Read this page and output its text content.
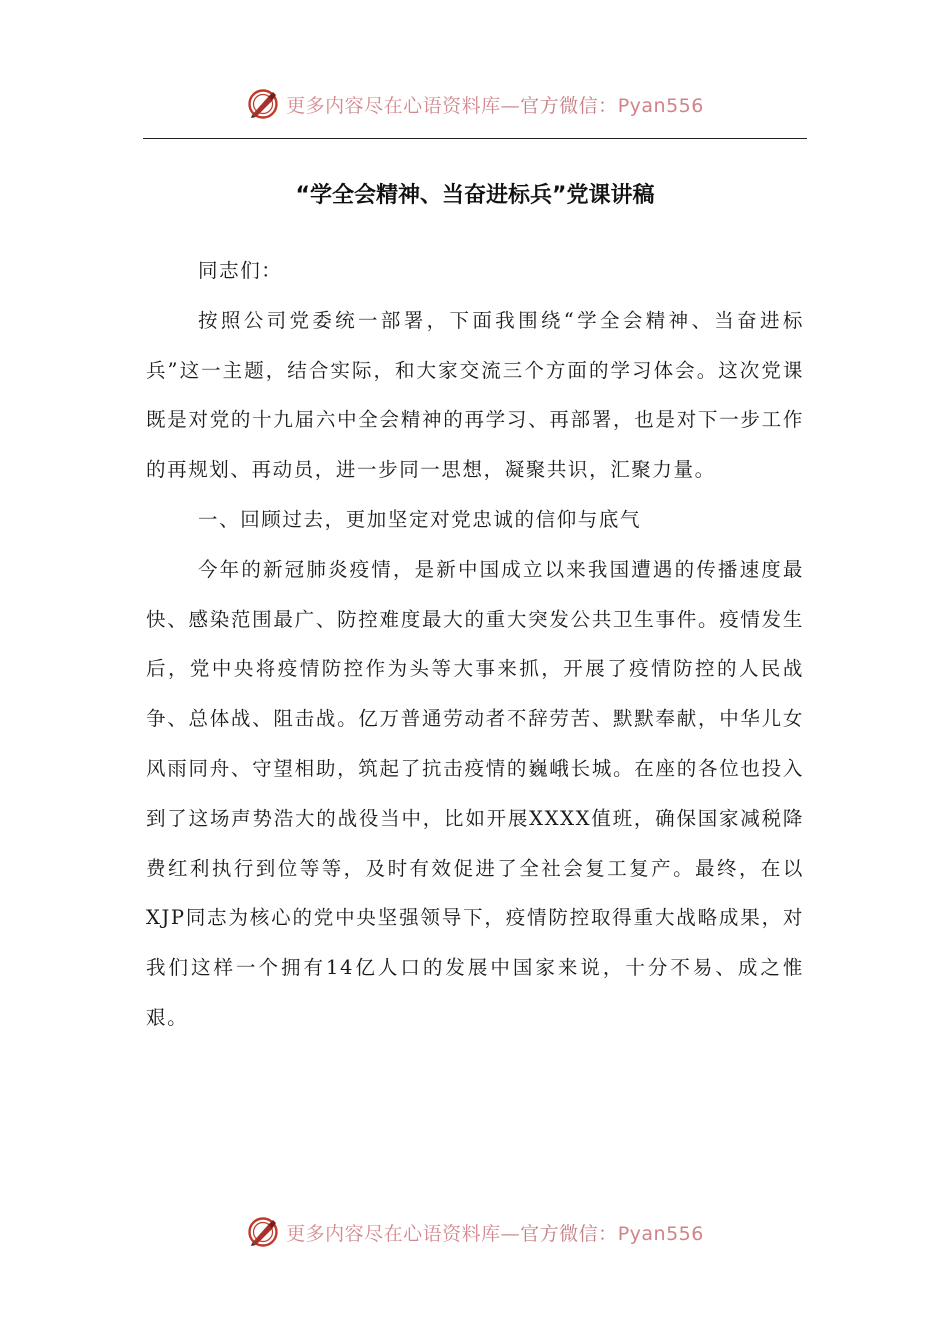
更多内容尽在心语资料库—官方微信：Pyan556
“学全会精神、当奋进标兵”党课讲稿

同志们：

按照公司党委统一部署，下面我围绕“学全会精神、当奋进标兵”这一主题，结合实际，和大家交流三个方面的学习体会。这次党课既是对党的十九届六中全会精神的再学习、再部署，也是对下一步工作的再规划、再动员，进一步同一思想，凝聚共识，汇聚力量。

一、回顾过去，更加坚定对党忠诚的信仰与底气

今年的新冠肺炎疫情，是新中国成立以来我国遭遇的传播速度最快、感染范围最广、防控难度最大的重大突发公共卫生事件。疫情发生后，党中央将疫情防控作为头等大事来抓，开展了疫情防控的人民战争、总体战、阻击战。亿万普通劳动者不辞劳苦、默默奉献，中华儿女风雨同舟、守望相助，筑起了抗击疫情的巍峨长城。在座的各位也投入到了这场声势浩大的战役当中，比如开展XXXX值班，确保国家减税降费红利执行到位等等，及时有效促进了全社会复工复产。最终，在以XJP同志为核心的党中央坚强领导下，疫情防控取得重大战略成果，对我们这样一个拥有14亿人口的发展中国家来说，十分不易、成之惟艰。

更多内容尽在心语资料库—官方微信：Pyan556
